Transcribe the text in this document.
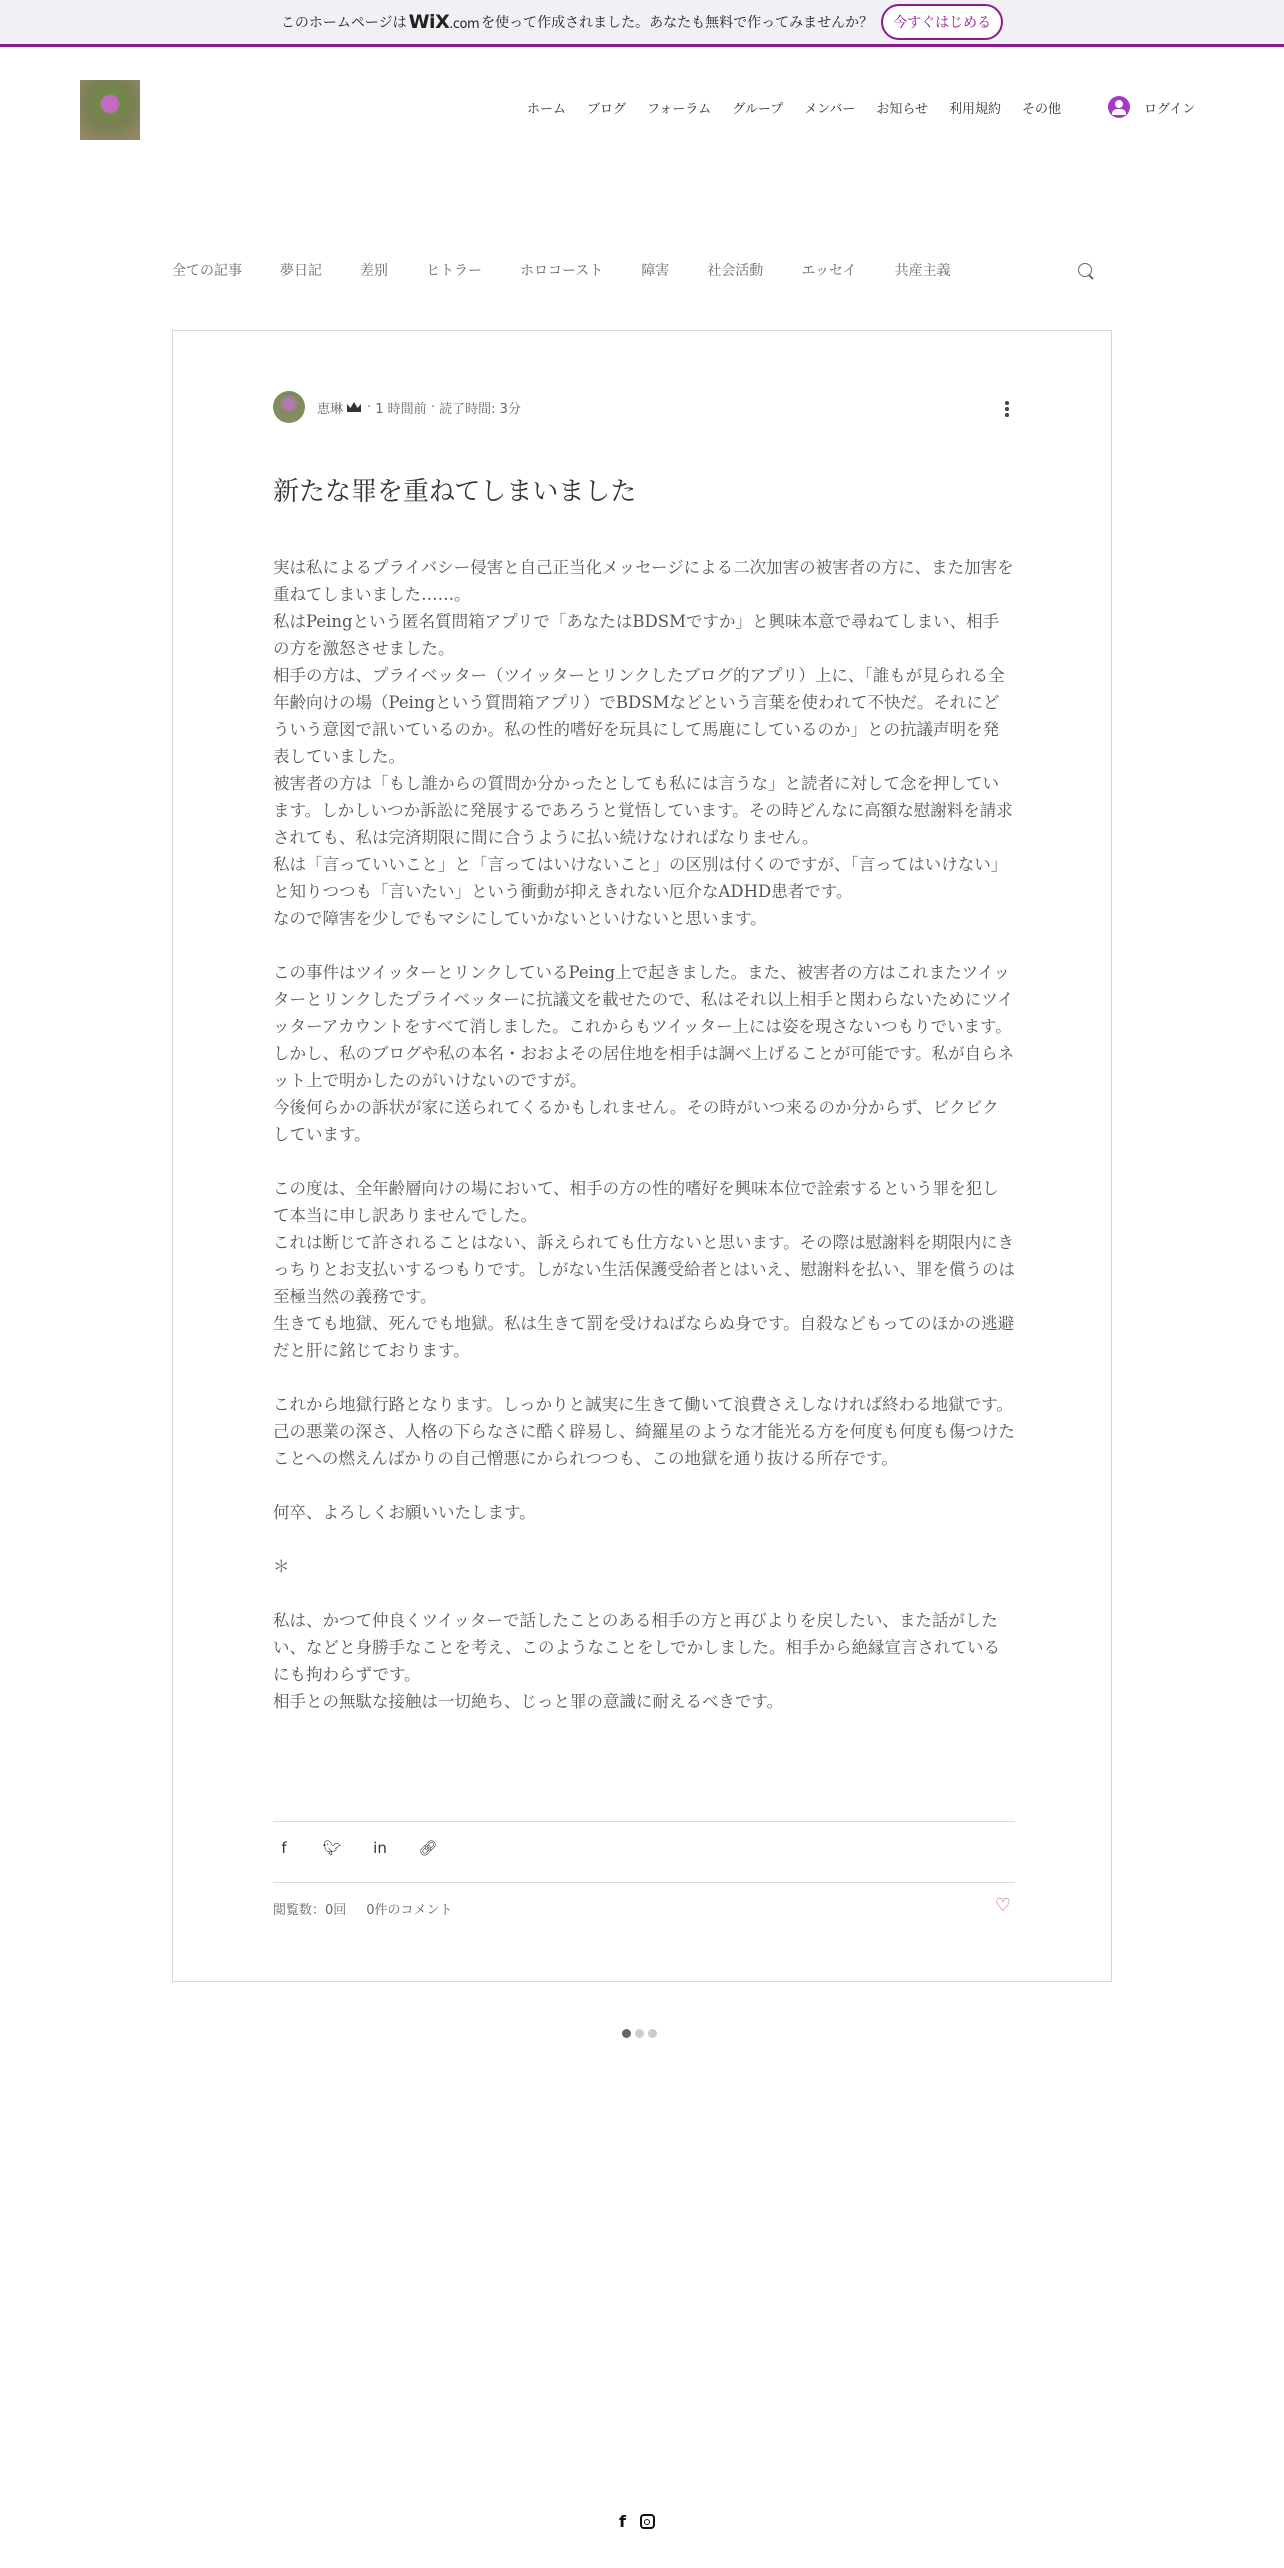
このホームページは WiX.com を使って作成されました。あなたも無料で作ってみませんか？	今すぐはじめる
ホーム ブログ フォーラム グループ メンバー お知らせ 利用規約 その他	ログイン
全ての記事	夢日記	差別	ヒトラー	ホロコースト	障害	社会活動	エッセイ	共産主義
恵琳 · 1 時間前 · 読了時間: 3分
新たな罪を重ねてしまいました

実は私によるプライバシー侵害と自己正当化メッセージによる二次加害の被害者の方に、また加害を重ねてしまいました……。

私はPeingという匿名質問箱アプリで「あなたはBDSMですか」と興味本意で尋ねてしまい、相手の方を激怒させました。

相手の方は、プライベッター（ツイッターとリンクしたブログ的アプリ）上に、「誰もが見られる全年齢向けの場（Peingという質問箱アプリ）でBDSMなどという言葉を使われて不快だ。それにどういう意図で訊いているのか。私の性的嗜好を玩具にして馬鹿にしているのか」との抗議声明を発表していました。

被害者の方は「もし誰からの質問か分かったとしても私には言うな」と読者に対して念を押しています。しかしいつか訴訟に発展するであろうと覚悟しています。その時どんなに高額な慰謝料を請求されても、私は完済期限に間に合うように払い続けなければなりません。

私は「言っていいこと」と「言ってはいけないこと」の区別は付くのですが、「言ってはいけない」と知りつつも「言いたい」という衝動が抑えきれない厄介なADHD患者です。

なので障害を少しでもマシにしていかないといけないと思います。

この事件はツイッターとリンクしているPeing上で起きました。また、被害者の方はこれまたツイッターとリンクしたプライベッターに抗議文を載せたので、私はそれ以上相手と関わらないためにツイッターアカウントをすべて消しました。これからもツイッター上には姿を現さないつもりでいます。

しかし、私のブログや私の本名・おおよその居住地を相手は調べ上げることが可能です。私が自らネット上で明かしたのがいけないのですが。

今後何らかの訴状が家に送られてくるかもしれません。その時がいつ来るのか分からず、ビクビクしています。

この度は、全年齢層向けの場において、相手の方の性的嗜好を興味本位で詮索するという罪を犯して本当に申し訳ありませんでした。

これは断じて許されることはない、訴えられても仕方ないと思います。その際は慰謝料を期限内にきっちりとお支払いするつもりです。しがない生活保護受給者とはいえ、慰謝料を払い、罪を償うのは至極当然の義務です。

生きても地獄、死んでも地獄。私は生きて罰を受けねばならぬ身です。自殺などもってのほかの逃避だと肝に銘じております。

これから地獄行路となります。しっかりと誠実に生きて働いて浪費さえしなければ終わる地獄です。己の悪業の深さ、人格の下らなさに酷く辟易し、綺羅星のような才能光る方を何度も何度も傷つけたことへの燃えんばかりの自己憎悪にかられつつも、この地獄を通り抜ける所存です。

何卒、よろしくお願いいたします。

＊

私は、かつて仲良くツイッターで話したことのある相手の方と再びよりを戻したい、また話がしたい、などと身勝手なことを考え、このようなことをしでかしました。相手から絶縁宣言されているにも拘わらずです。

相手との無駄な接触は一切絶ち、じっと罪の意識に耐えるべきです。

f	🐦︎ in 🔗︎
閲覧数：0回 0件のコメント	♡
f
